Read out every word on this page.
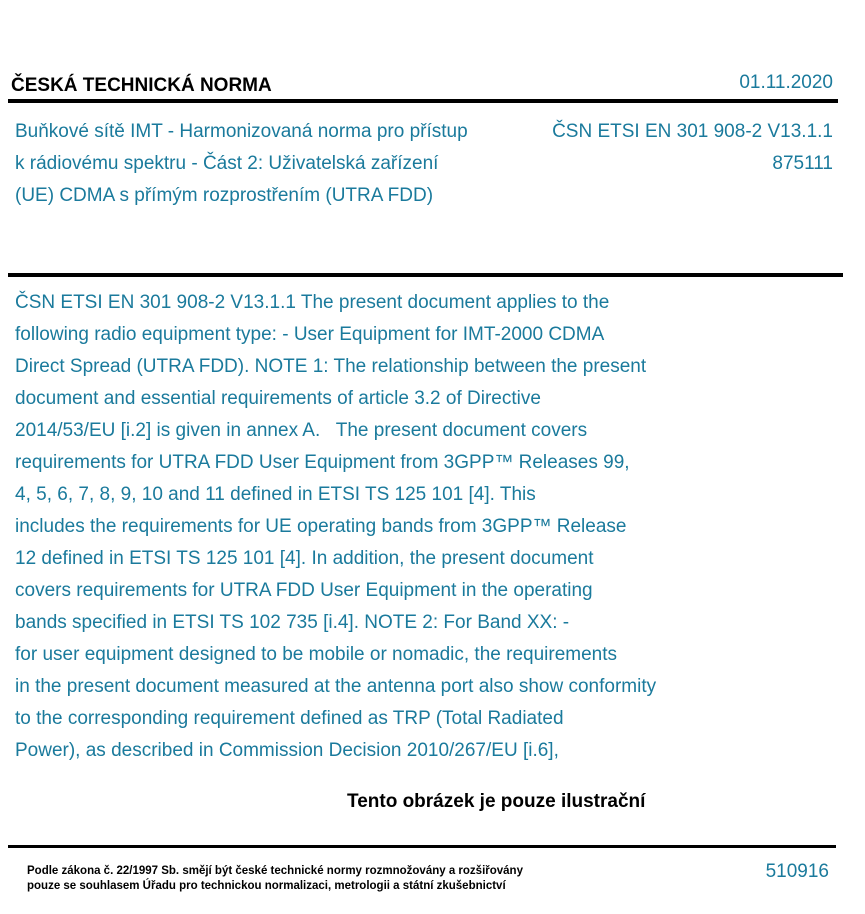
ČESKÁ TECHNICKÁ NORMA	01.11.2020
Buňkové sítě IMT - Harmonizovaná norma pro přístup
k rádiovému spektru - Část 2: Uživatelská zařízení
(UE) CDMA s přímým rozprostřením (UTRA FDD)
ČSN ETSI EN 301 908-2 V13.1.1
875111
ČSN ETSI EN 301 908-2 V13.1.1 The present document applies to the
following radio equipment type: - User Equipment for IMT-2000 CDMA
Direct Spread (UTRA FDD). NOTE 1: The relationship between the present
document and essential requirements of article 3.2 of Directive
2014/53/EU [i.2] is given in annex A.   The present document covers
requirements for UTRA FDD User Equipment from 3GPP™ Releases 99,
4, 5, 6, 7, 8, 9, 10 and 11 defined in ETSI TS 125 101 [4]. This
includes the requirements for UE operating bands from 3GPP™ Release
12 defined in ETSI TS 125 101 [4]. In addition, the present document
covers requirements for UTRA FDD User Equipment in the operating
bands specified in ETSI TS 102 735 [i.4]. NOTE 2: For Band XX: -
for user equipment designed to be mobile or nomadic, the requirements
in the present document measured at the antenna port also show conformity
to the corresponding requirement defined as TRP (Total Radiated
Power), as described in Commission Decision 2010/267/EU [i.6],
Tento obrázek je pouze ilustrační
Podle zákona č. 22/1997 Sb. smějí být české technické normy rozmnožovány a rozšiřovány
pouze se souhlasem Úřadu pro technickou normalizaci, metrologii a státní zkušebnictví
510916
